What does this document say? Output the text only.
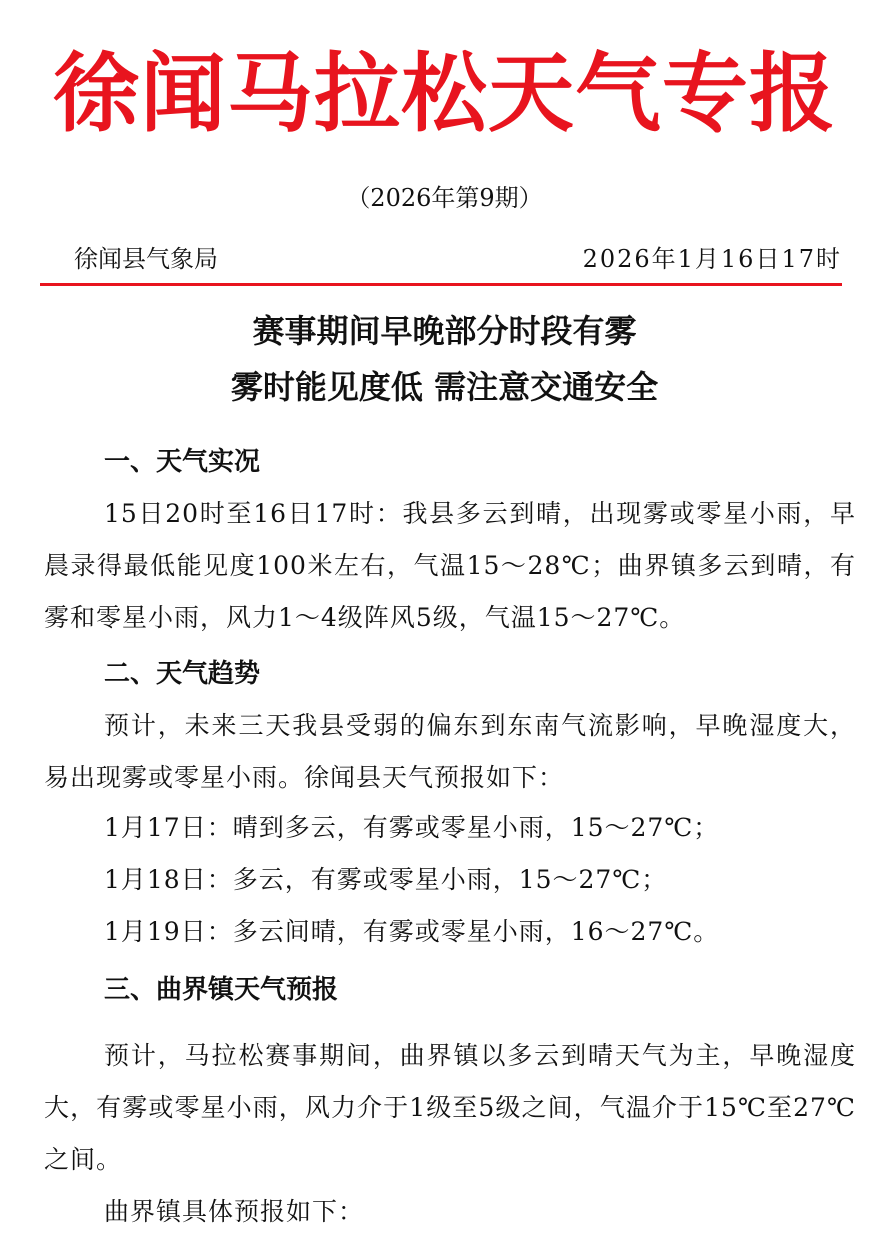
徐闻马拉松天气专报
（2026年第9期）
徐闻县气象局	2026年1月16日17时
赛事期间早晚部分时段有雾
雾时能见度低 需注意交通安全
一、天气实况
15日20时至16日17时：我县多云到晴，出现雾或零星小雨，早晨录得最低能见度100米左右，气温15～28℃；曲界镇多云到晴，有雾和零星小雨，风力1～4级阵风5级，气温15～27℃。
二、天气趋势
预计，未来三天我县受弱的偏东到东南气流影响，早晚湿度大，易出现雾或零星小雨。徐闻县天气预报如下：
1月17日：晴到多云，有雾或零星小雨，15～27℃；
1月18日：多云，有雾或零星小雨，15～27℃；
1月19日：多云间晴，有雾或零星小雨，16～27℃。
三、曲界镇天气预报
预计，马拉松赛事期间，曲界镇以多云到晴天气为主，早晚湿度大，有雾或零星小雨，风力介于1级至5级之间，气温介于15℃至27℃之间。
曲界镇具体预报如下：
